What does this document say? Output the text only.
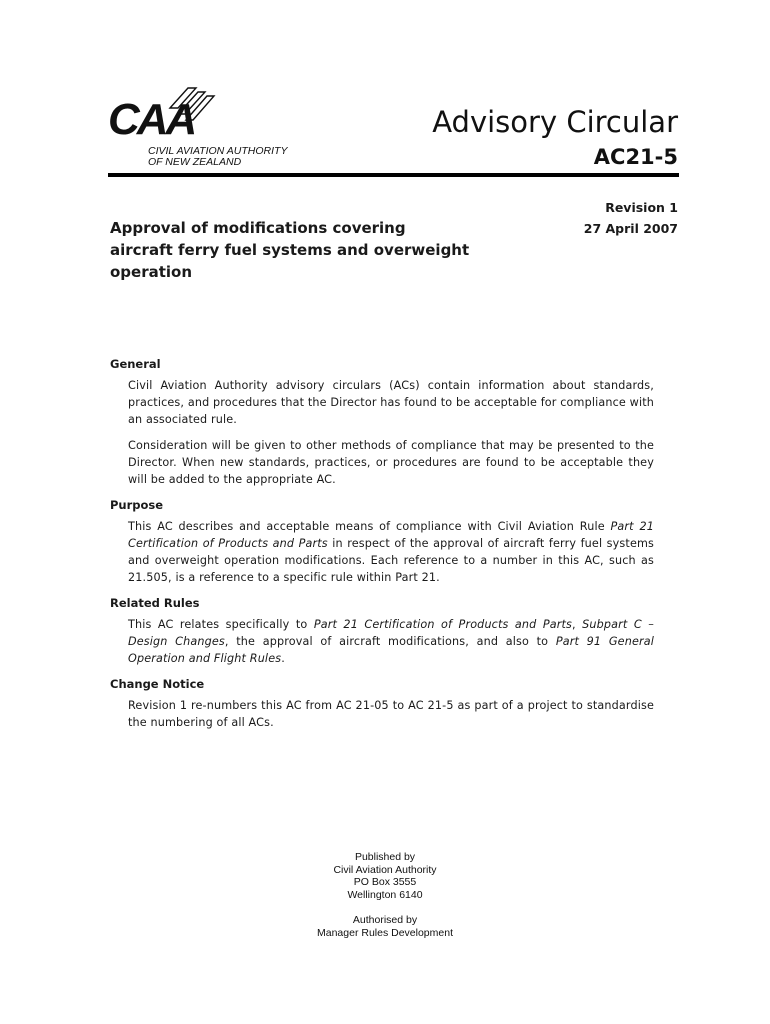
CAA
CIVIL AVIATION AUTHORITY
OF NEW ZEALAND
Advisory Circular
AC21-5
Revision 1
27 April 2007
Approval of modifications covering aircraft ferry fuel systems and overweight operation
General
Civil Aviation Authority advisory circulars (ACs) contain information about standards, practices, and procedures that the Director has found to be acceptable for compliance with an associated rule.
Consideration will be given to other methods of compliance that may be presented to the Director. When new standards, practices, or procedures are found to be acceptable they will be added to the appropriate AC.
Purpose
This AC describes and acceptable means of compliance with Civil Aviation Rule Part 21 Certification of Products and Parts in respect of the approval of aircraft ferry fuel systems and overweight operation modifications. Each reference to a number in this AC, such as 21.505, is a reference to a specific rule within Part 21.
Related Rules
This AC relates specifically to Part 21 Certification of Products and Parts, Subpart C – Design Changes, the approval of aircraft modifications, and also to Part 91 General Operation and Flight Rules.
Change Notice
Revision 1 re-numbers this AC from AC 21-05 to AC 21-5 as part of a project to standardise the numbering of all ACs.
Published by
Civil Aviation Authority
PO Box 3555
Wellington 6140
Authorised by
Manager Rules Development
